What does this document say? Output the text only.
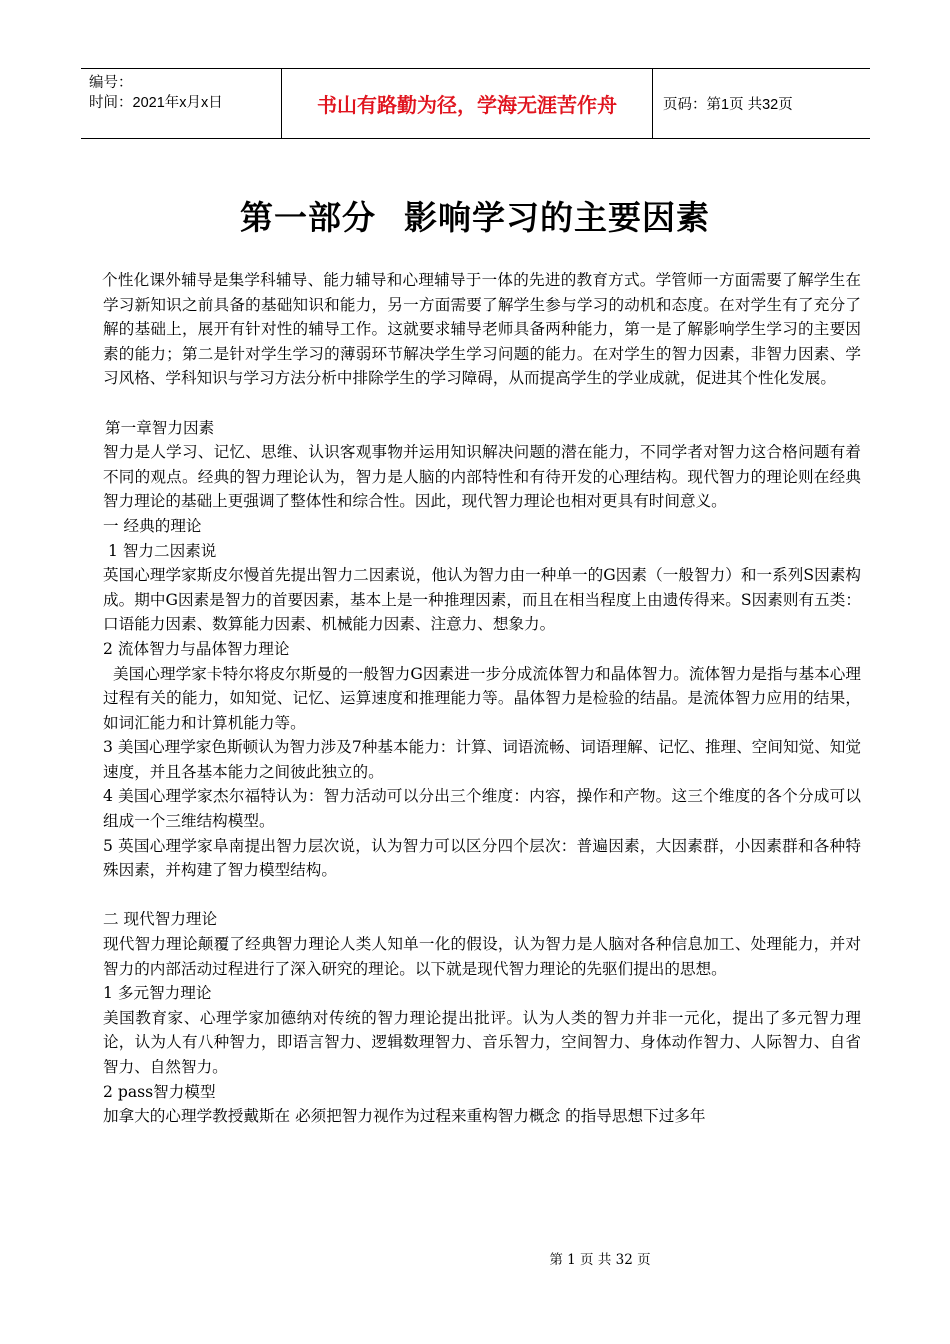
编号：
时间：2021年x月x日	书山有路勤为径，学海无涯苦作舟	页码：第1页 共32页
第一部分 影响学习的主要因素

个性化课外辅导是集学科辅导、能力辅导和心理辅导于一体的先进的教育方式。学管师一方面需要了解学生在学习新知识之前具备的基础知识和能力，另一方面需要了解学生参与学习的动机和态度。在对学生有了充分了解的基础上，展开有针对性的辅导工作。这就要求辅导老师具备两种能力，第一是了解影响学生学习的主要因素的能力；第二是针对学生学习的薄弱环节解决学生学习问题的能力。在对学生的智力因素，非智力因素、学习风格、学科知识与学习方法分析中排除学生的学习障碍，从而提高学生的学业成就，促进其个性化发展。

第一章智力因素

智力是人学习、记忆、思维、认识客观事物并运用知识解决问题的潜在能力，不同学者对智力这合格问题有着不同的观点。经典的智力理论认为，智力是人脑的内部特性和有待开发的心理结构。现代智力的理论则在经典智力理论的基础上更强调了整体性和综合性。因此，现代智力理论也相对更具有时间意义。

一 经典的理论

1 智力二因素说

英国心理学家斯皮尔慢首先提出智力二因素说，他认为智力由一种单一的G因素（一般智力）和一系列S因素构成。期中G因素是智力的首要因素，基本上是一种推理因素，而且在相当程度上由遗传得来。S因素则有五类：口语能力因素、数算能力因素、机械能力因素、注意力、想象力。

2 流体智力与晶体智力理论

美国心理学家卡特尔将皮尔斯曼的一般智力G因素进一步分成流体智力和晶体智力。流体智力是指与基本心理过程有关的能力，如知觉、记忆、运算速度和推理能力等。晶体智力是检验的结晶。是流体智力应用的结果，如词汇能力和计算机能力等。

3 美国心理学家色斯顿认为智力涉及7种基本能力：计算、词语流畅、词语理解、记忆、推理、空间知觉、知觉速度，并且各基本能力之间彼此独立的。

4 美国心理学家杰尔福特认为：智力活动可以分出三个维度：内容，操作和产物。这三个维度的各个分成可以组成一个三维结构模型。

5 英国心理学家阜南提出智力层次说，认为智力可以区分四个层次：普遍因素，大因素群，小因素群和各种特殊因素，并构建了智力模型结构。

二 现代智力理论

现代智力理论颠覆了经典智力理论人类人知单一化的假设，认为智力是人脑对各种信息加工、处理能力，并对智力的内部活动过程进行了深入研究的理论。以下就是现代智力理论的先驱们提出的思想。

1 多元智力理论

美国教育家、心理学家加德纳对传统的智力理论提出批评。认为人类的智力并非一元化，提出了多元智力理论，认为人有八种智力，即语言智力、逻辑数理智力、音乐智力，空间智力、身体动作智力、人际智力、自省智力、自然智力。

2 pass智力模型

加拿大的心理学教授戴斯在 必须把智力视作为过程来重构智力概念 的指导思想下过多年

第 1 页 共 32 页
